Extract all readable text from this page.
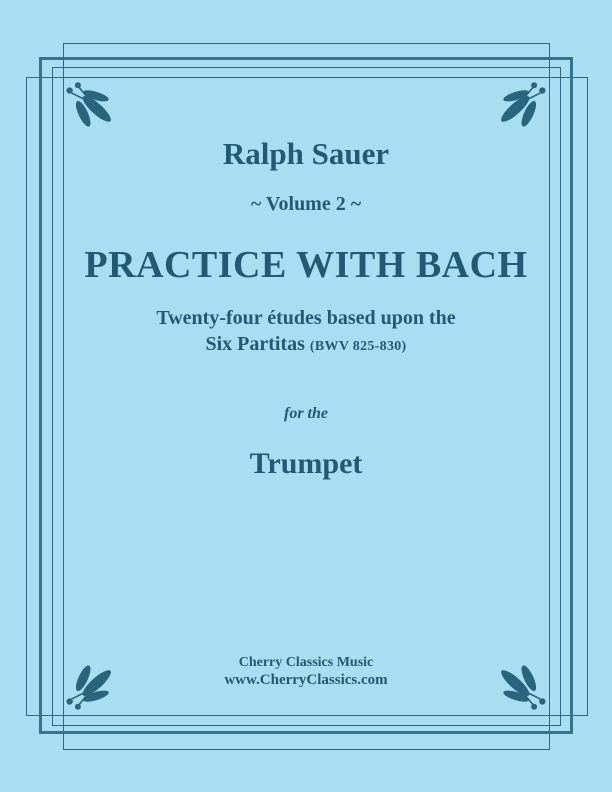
Ralph Sauer
~ Volume 2 ~
PRACTICE WITH BACH
Twenty-four études based upon the
Six Partitas (BWV 825-830)
for the
Trumpet
Cherry Classics Music
www.CherryClassics.com
